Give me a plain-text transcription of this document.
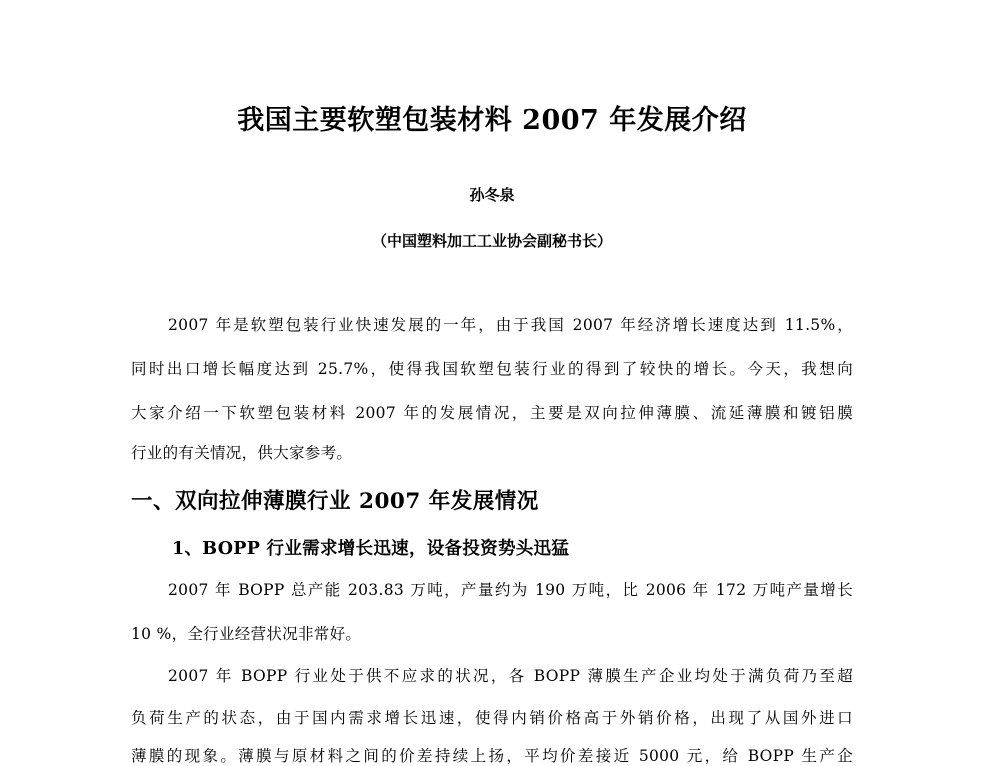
我国主要软塑包装材料 2007 年发展介绍
孙冬泉
（中国塑料加工工业协会副秘书长）
2007 年是软塑包装行业快速发展的一年，由于我国 2007 年经济增长速度达到 11.5%，
同时出口增长幅度达到 25.7%，使得我国软塑包装行业的得到了较快的增长。今天，我想向
大家介绍一下软塑包装材料 2007 年的发展情况，主要是双向拉伸薄膜、流延薄膜和镀铝膜
行业的有关情况，供大家参考。
一、双向拉伸薄膜行业 2007 年发展情况
1、BOPP 行业需求增长迅速，设备投资势头迅猛
2007 年 BOPP 总产能 203.83 万吨，产量约为 190 万吨，比 2006 年 172 万吨产量增长
10 %，全行业经营状况非常好。
2007 年 BOPP 行业处于供不应求的状况，各 BOPP 薄膜生产企业均处于满负荷乃至超
负荷生产的状态，由于国内需求增长迅速，使得内销价格高于外销价格，出现了从国外进口
薄膜的现象。薄膜与原材料之间的价差持续上扬，平均价差接近 5000 元，给 BOPP 生产企
